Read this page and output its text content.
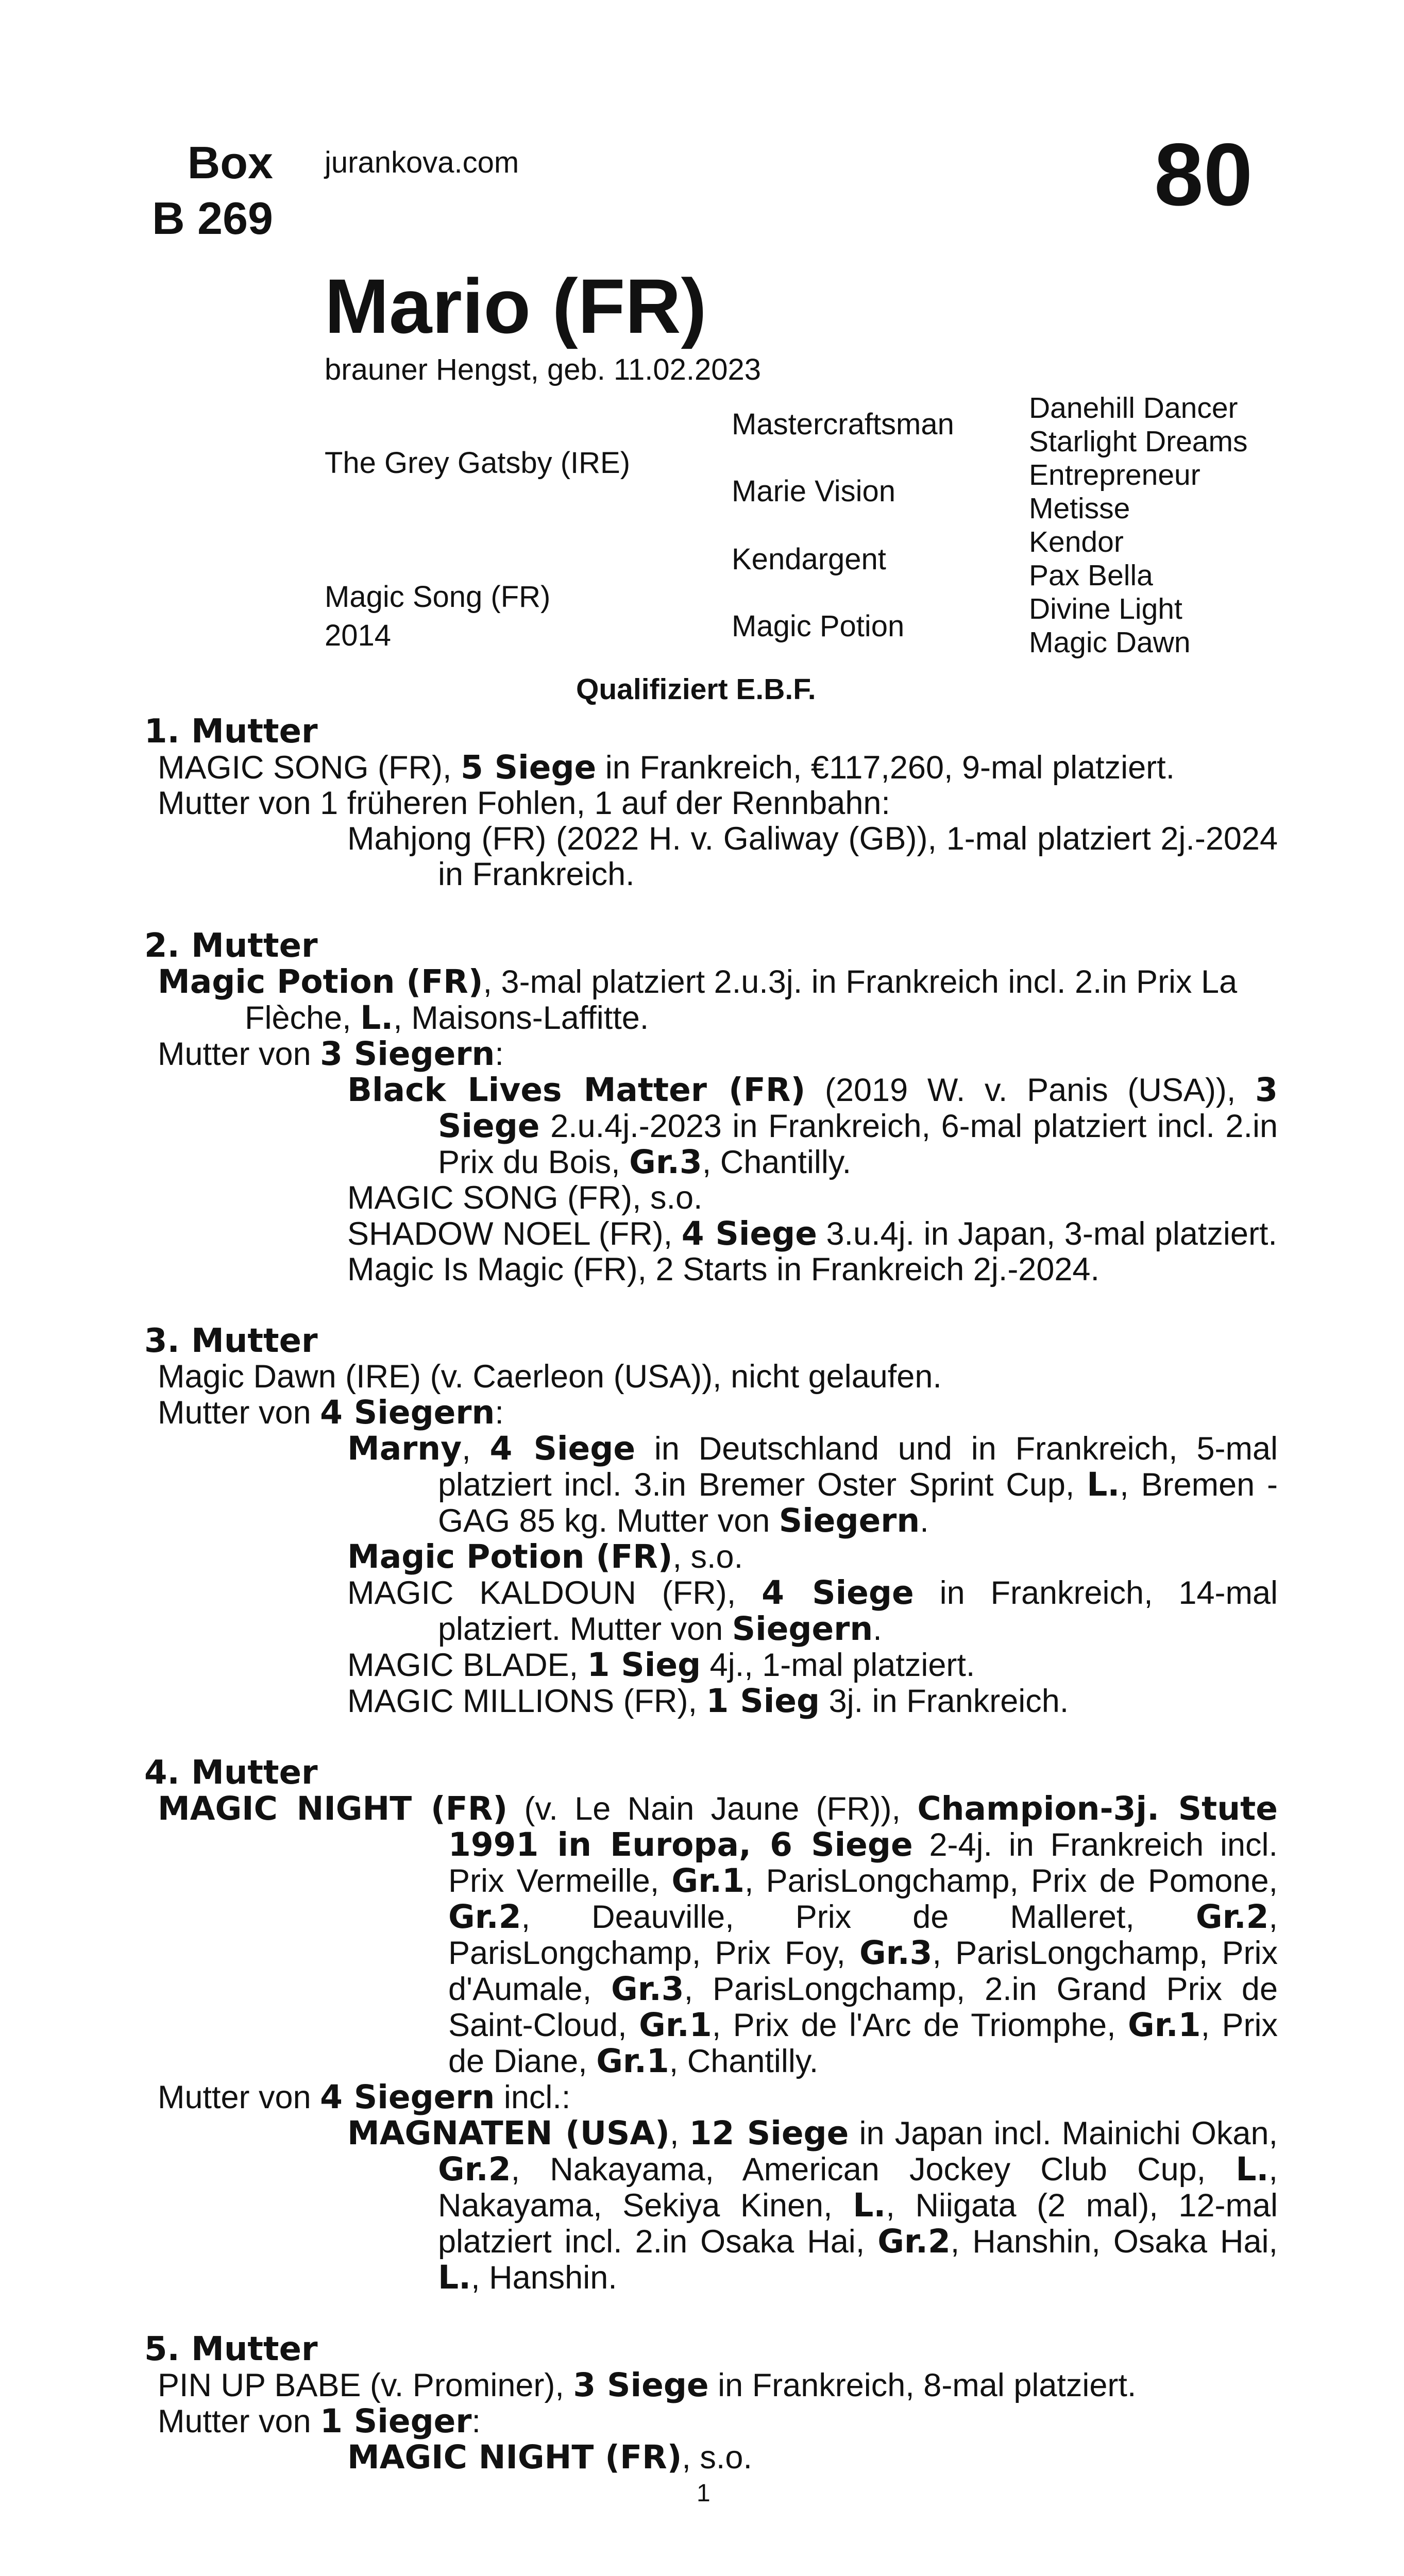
Box
B 269
jurankova.com	80
Mario (FR)
brauner Hengst, geb. 11.02.2023
The Grey Gatsby (IRE)
Magic Song (FR)
2014
Mastercraftsman
Marie Vision
Kendargent
Magic Potion
Danehill Dancer
Starlight Dreams
Entrepreneur
Metisse
Kendor
Pax Bella
Divine Light
Magic Dawn
Qualifiziert E.B.F.
1. Mutter
MAGIC SONG (FR), 5 Siege in Frankreich, €117,260, 9-mal platziert.
Mutter von 1 früheren Fohlen, 1 auf der Rennbahn:
Mahjong (FR) (2022 H. v. Galiway (GB)), 1-mal platziert 2j.-2024 in Frankreich.
2. Mutter
Magic Potion (FR), 3-mal platziert 2.u.3j. in Frankreich incl. 2.in Prix La Flèche, L., Maisons-Laffitte.
Mutter von 3 Siegern:
Black Lives Matter (FR) (2019 W. v. Panis (USA)), 3 Siege 2.u.4j.-2023 in Frankreich, 6-mal platziert incl. 2.in Prix du Bois, Gr.3, Chantilly.
MAGIC SONG (FR), s.o.
SHADOW NOEL (FR), 4 Siege 3.u.4j. in Japan, 3-mal platziert.
Magic Is Magic (FR), 2 Starts in Frankreich 2j.-2024.
3. Mutter
Magic Dawn (IRE) (v. Caerleon (USA)), nicht gelaufen.
Mutter von 4 Siegern:
Marny, 4 Siege in Deutschland und in Frankreich, 5-mal platziert incl. 3.in Bremer Oster Sprint Cup, L., Bremen - GAG 85 kg. Mutter von Siegern.
Magic Potion (FR), s.o.
MAGIC KALDOUN (FR), 4 Siege in Frankreich, 14-mal platziert. Mutter von Siegern.
MAGIC BLADE, 1 Sieg 4j., 1-mal platziert.
MAGIC MILLIONS (FR), 1 Sieg 3j. in Frankreich.
4. Mutter
MAGIC NIGHT (FR) (v. Le Nain Jaune (FR)), Champion-3j. Stute 1991 in Europa, 6 Siege 2-4j. in Frankreich incl. Prix Vermeille, Gr.1, ParisLongchamp, Prix de Pomone, Gr.2, Deauville, Prix de Malleret, Gr.2, ParisLongchamp, Prix Foy, Gr.3, ParisLongchamp, Prix d'Aumale, Gr.3, ParisLongchamp, 2.in Grand Prix de Saint-Cloud, Gr.1, Prix de l'Arc de Triomphe, Gr.1, Prix de Diane, Gr.1, Chantilly.
Mutter von 4 Siegern incl.:
MAGNATEN (USA), 12 Siege in Japan incl. Mainichi Okan, Gr.2, Nakayama, American Jockey Club Cup, L., Nakayama, Sekiya Kinen, L., Niigata (2 mal), 12-mal platziert incl. 2.in Osaka Hai, Gr.2, Hanshin, Osaka Hai, L., Hanshin.
5. Mutter
PIN UP BABE (v. Prominer), 3 Siege in Frankreich, 8-mal platziert.
Mutter von 1 Sieger:
MAGIC NIGHT (FR), s.o.
1
